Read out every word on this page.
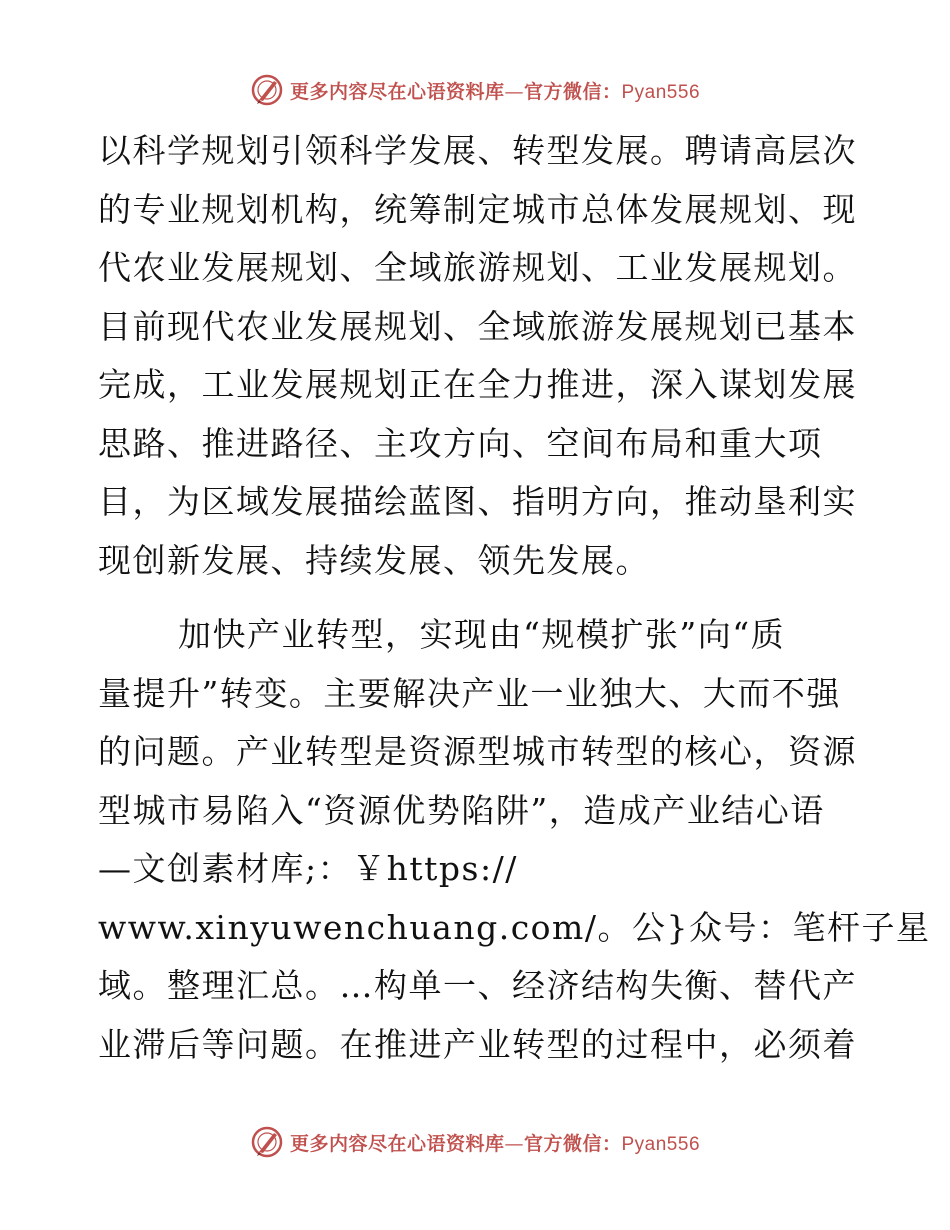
更多内容尽在心语资料库—官方微信：Pyan556
以科学规划引领科学发展、转型发展。聘请高层次
的专业规划机构，统筹制定城市总体发展规划、现
代农业发展规划、全域旅游规划、工业发展规划。
目前现代农业发展规划、全域旅游发展规划已基本
完成，工业发展规划正在全力推进，深入谋划发展
思路、推进路径、主攻方向、空间布局和重大项
目，为区域发展描绘蓝图、指明方向，推动垦利实
现创新发展、持续发展、领先发展。
加快产业转型，实现由“规模扩张”向“质
量提升”转变。主要解决产业一业独大、大而不强
的问题。产业转型是资源型城市转型的核心，资源
型城市易陷入“资源优势陷阱”，造成产业结心语
—文创素材库;：￥https://
www.xinyuwenchuang.com/。公}众号：笔杆子星
域。整理汇总。…构单一、经济结构失衡、替代产
业滞后等问题。在推进产业转型的过程中，必须着
更多内容尽在心语资料库—官方微信：Pyan556
